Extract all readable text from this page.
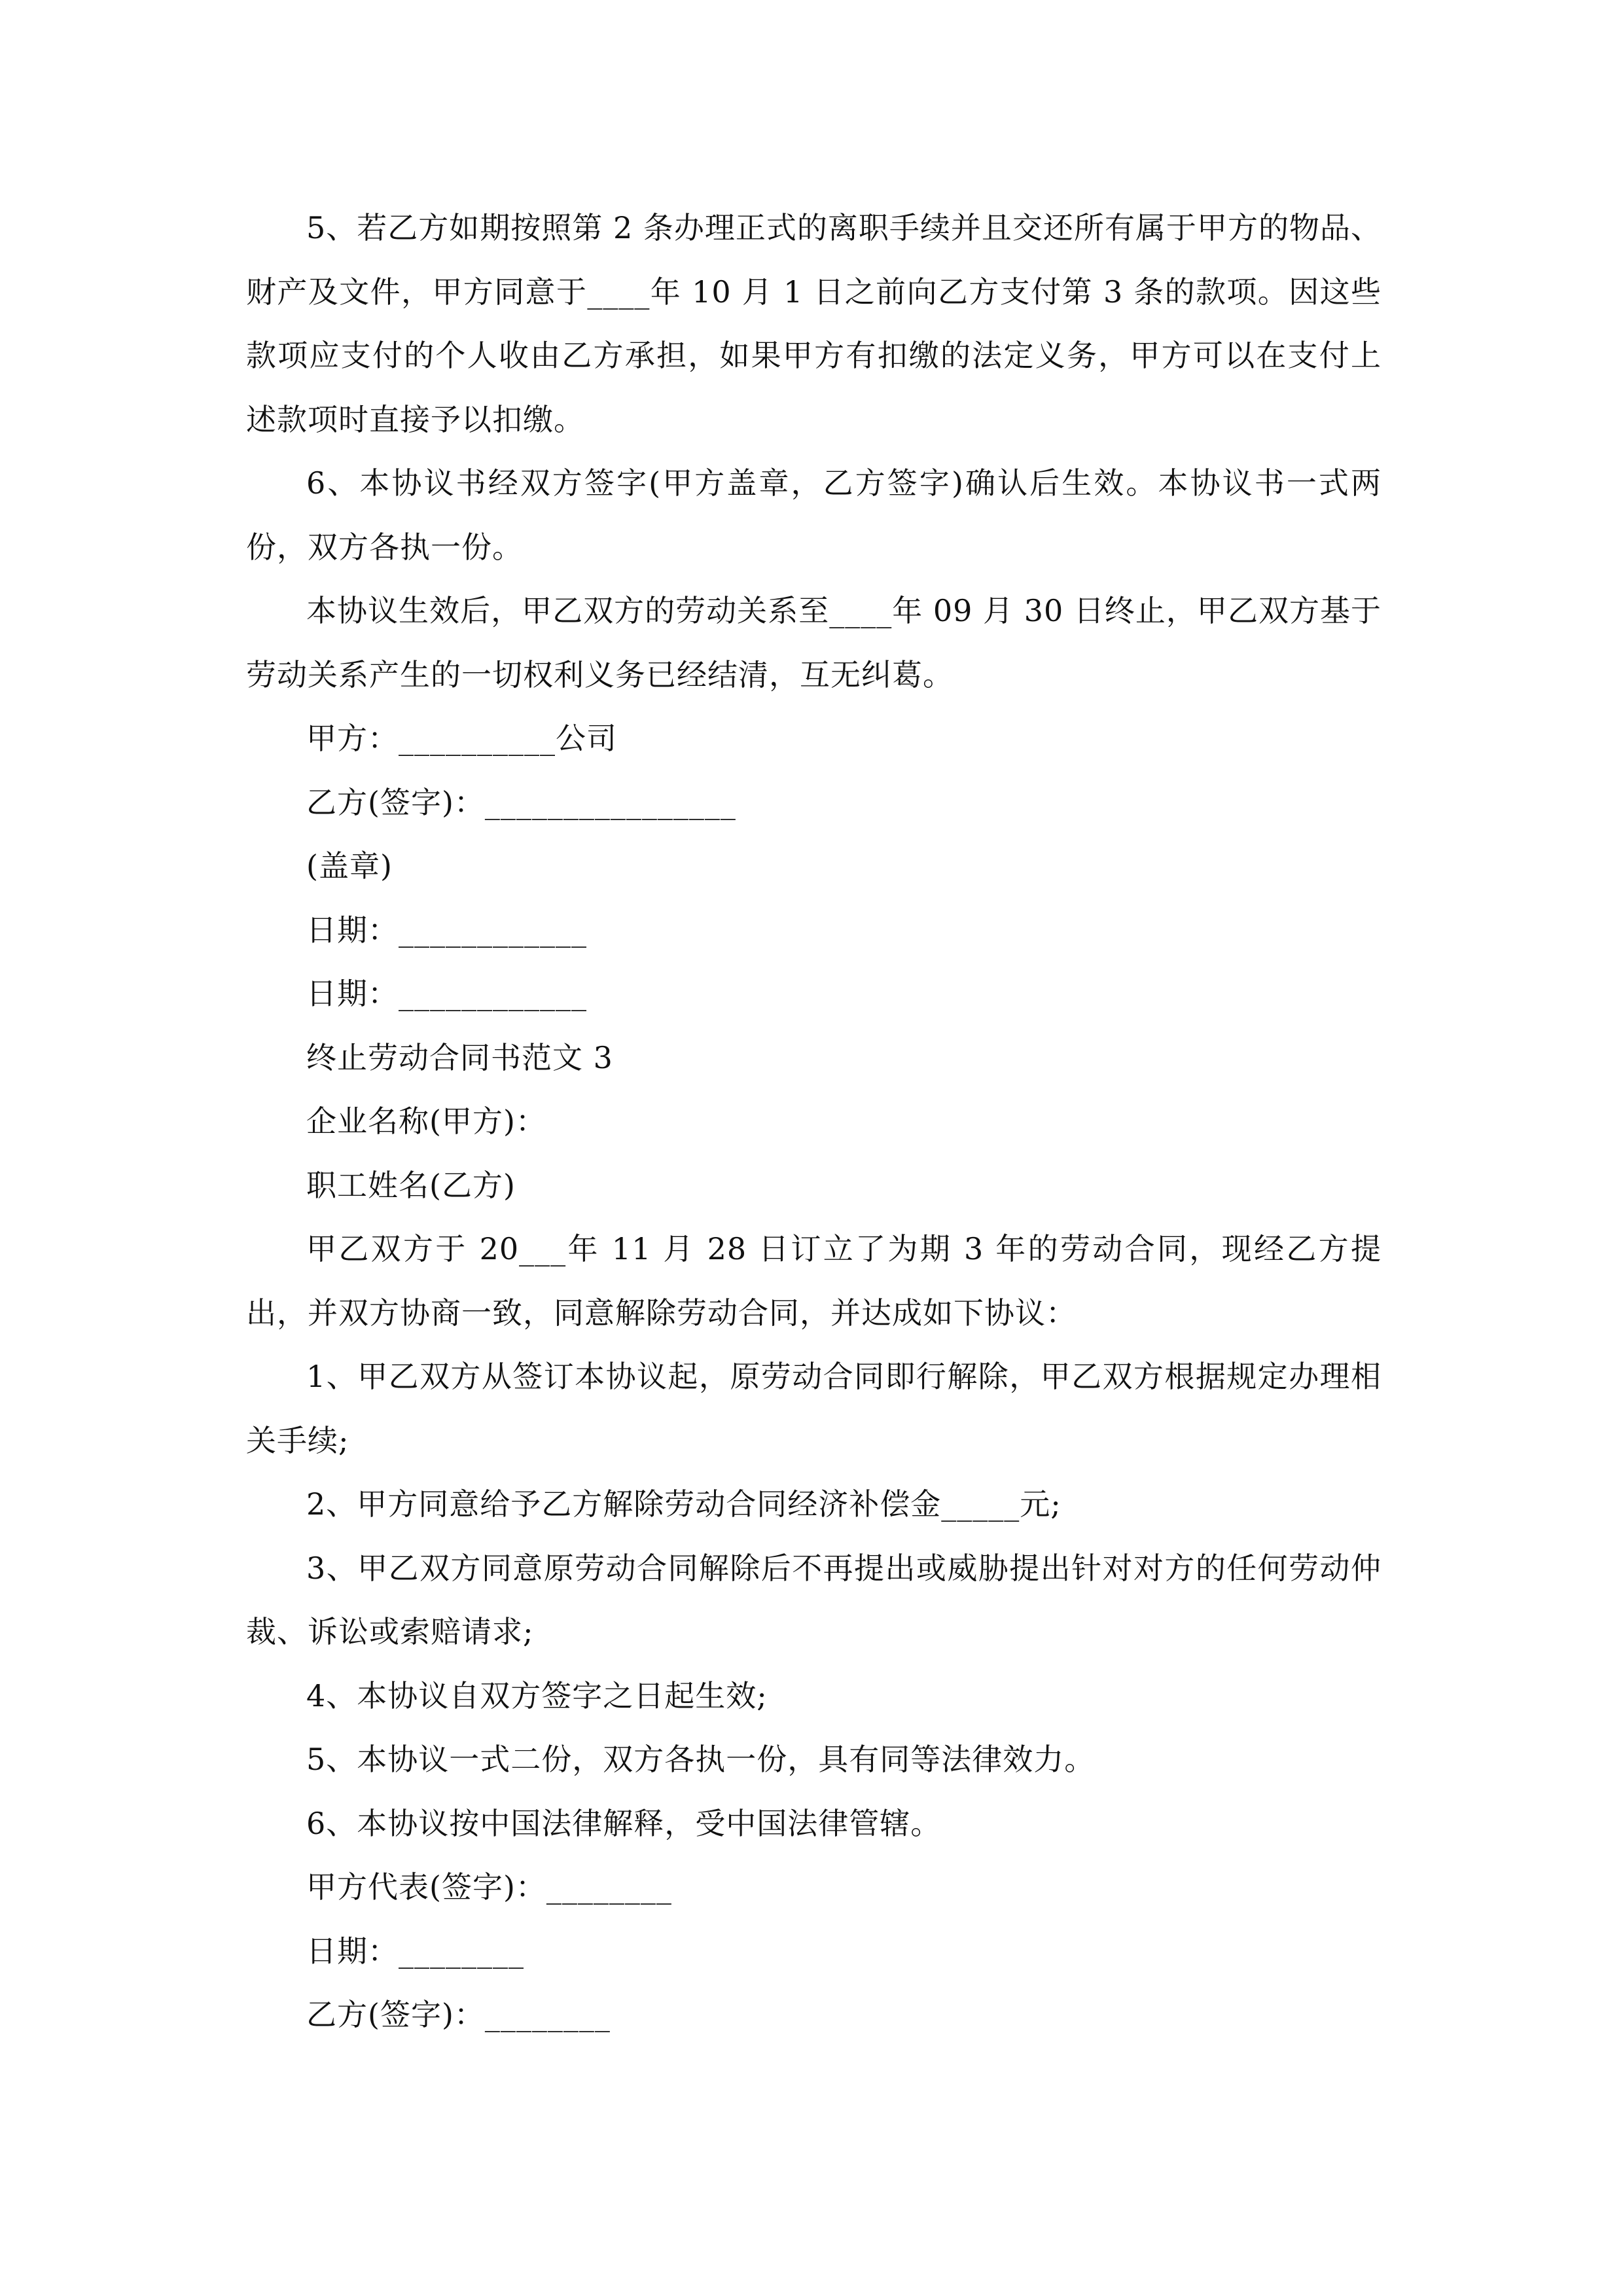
5、若乙方如期按照第 2 条办理正式的离职手续并且交还所有属于甲方的物品、财产及文件，甲方同意于____年 10 月 1 日之前向乙方支付第 3 条的款项。因这些款项应支付的个人收由乙方承担，如果甲方有扣缴的法定义务，甲方可以在支付上述款项时直接予以扣缴。

6、本协议书经双方签字(甲方盖章，乙方签字)确认后生效。本协议书一式两份，双方各执一份。

本协议生效后，甲乙双方的劳动关系至____年 09 月 30 日终止，甲乙双方基于劳动关系产生的一切权利义务已经结清，互无纠葛。

甲方：__________公司

乙方(签字)：________________

(盖章)

日期：____________

日期：____________

终止劳动合同书范文 3

企业名称(甲方)：

职工姓名(乙方)

甲乙双方于 20___年 11 月 28 日订立了为期 3 年的劳动合同，现经乙方提出，并双方协商一致，同意解除劳动合同，并达成如下协议：

1、甲乙双方从签订本协议起，原劳动合同即行解除，甲乙双方根据规定办理相关手续;

2、甲方同意给予乙方解除劳动合同经济补偿金_____元;

3、甲乙双方同意原劳动合同解除后不再提出或威胁提出针对对方的任何劳动仲裁、诉讼或索赔请求;

4、本协议自双方签字之日起生效;

5、本协议一式二份，双方各执一份，具有同等法律效力。

6、本协议按中国法律解释，受中国法律管辖。

甲方代表(签字)：________

日期：________

乙方(签字)：________
